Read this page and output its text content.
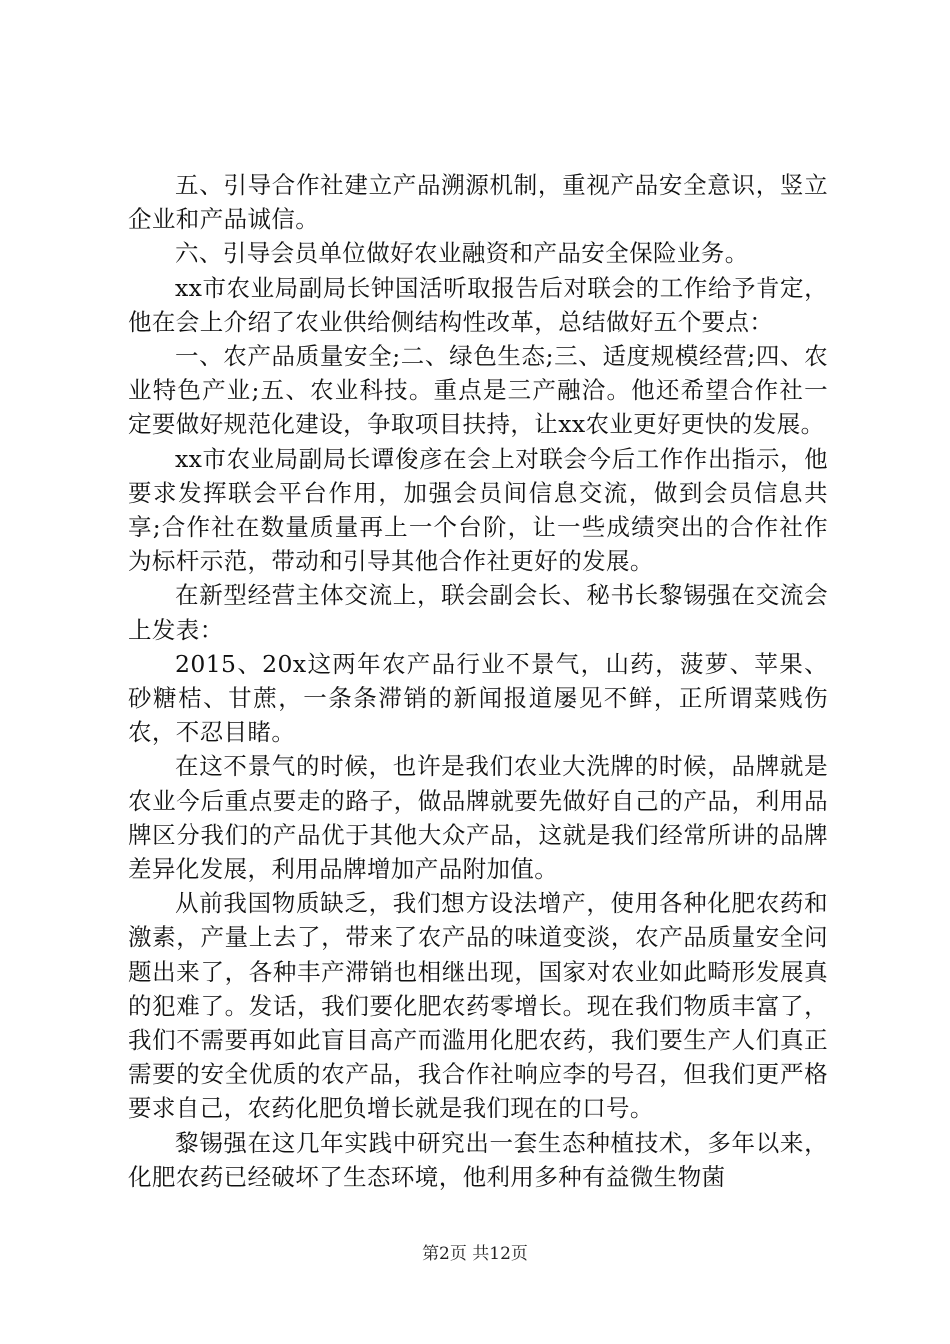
五、引导合作社建立产品溯源机制，重视产品安全意识，竖立企业和产品诚信。

六、引导会员单位做好农业融资和产品安全保险业务。

xx市农业局副局长钟国活听取报告后对联会的工作给予肯定，他在会上介绍了农业供给侧结构性改革，总结做好五个要点：

一、农产品质量安全;二、绿色生态;三、适度规模经营;四、农业特色产业;五、农业科技。重点是三产融洽。他还希望合作社一定要做好规范化建设，争取项目扶持，让xx农业更好更快的发展。

xx市农业局副局长谭俊彦在会上对联会今后工作作出指示，他要求发挥联会平台作用，加强会员间信息交流，做到会员信息共享;合作社在数量质量再上一个台阶，让一些成绩突出的合作社作为标杆示范，带动和引导其他合作社更好的发展。

在新型经营主体交流上，联会副会长、秘书长黎锡强在交流会上发表：

2015、20x这两年农产品行业不景气，山药，菠萝、苹果、砂糖桔、甘蔗，一条条滞销的新闻报道屡见不鲜，正所谓菜贱伤农，不忍目睹。

在这不景气的时候，也许是我们农业大洗牌的时候，品牌就是农业今后重点要走的路子，做品牌就要先做好自己的产品，利用品牌区分我们的产品优于其他大众产品，这就是我们经常所讲的品牌差异化发展，利用品牌增加产品附加值。

从前我国物质缺乏，我们想方设法增产，使用各种化肥农药和激素，产量上去了，带来了农产品的味道变淡，农产品质量安全问题出来了，各种丰产滞销也相继出现，国家对农业如此畸形发展真的犯难了。发话，我们要化肥农药零增长。现在我们物质丰富了，我们不需要再如此盲目高产而滥用化肥农药，我们要生产人们真正需要的安全优质的农产品，我合作社响应李的号召，但我们更严格要求自己，农药化肥负增长就是我们现在的口号。

黎锡强在这几年实践中研究出一套生态种植技术，多年以来，化肥农药已经破坏了生态环境，他利用多种有益微生物菌

第2页 共12页
